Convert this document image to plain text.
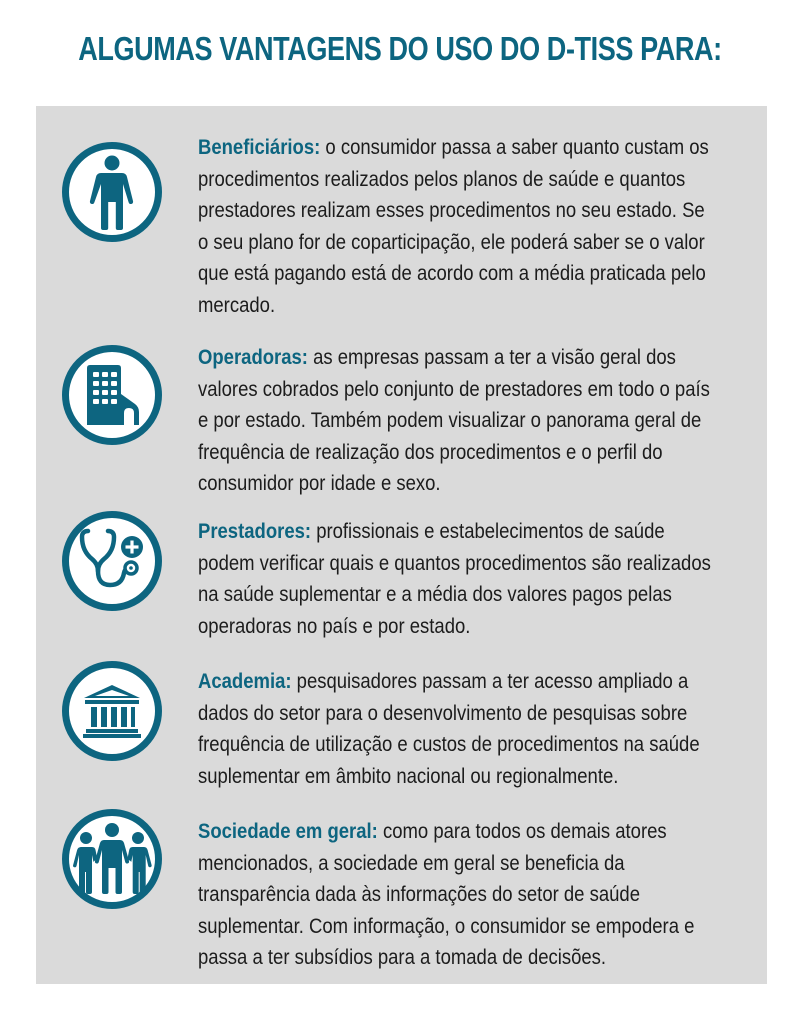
ALGUMAS VANTAGENS DO USO DO D-TISS PARA:
Beneficiários: o consumidor passa a saber quanto custam os procedimentos realizados pelos planos de saúde e quantos prestadores realizam esses procedimentos no seu estado. Se o seu plano for de coparticipação, ele poderá saber se o valor que está pagando está de acordo com a média praticada pelo mercado.
Operadoras: as empresas passam a ter a visão geral dos valores cobrados pelo conjunto de prestadores em todo o país e por estado. Também podem visualizar o panorama geral de frequência de realização dos procedimentos e o perfil do consumidor por idade e sexo.
Prestadores: profissionais e estabelecimentos de saúde podem verificar quais e quantos procedimentos são realizados na saúde suplementar e a média dos valores pagos pelas operadoras no país e por estado.
Academia: pesquisadores passam a ter acesso ampliado a dados do setor para o desenvolvimento de pesquisas sobre frequência de utilização e custos de procedimentos na saúde suplementar em âmbito nacional ou regionalmente.
Sociedade em geral: como para todos os demais atores mencionados, a sociedade em geral se beneficia da transparência dada às informações do setor de saúde suplementar. Com informação, o consumidor se empodera e passa a ter subsídios para a tomada de decisões.
